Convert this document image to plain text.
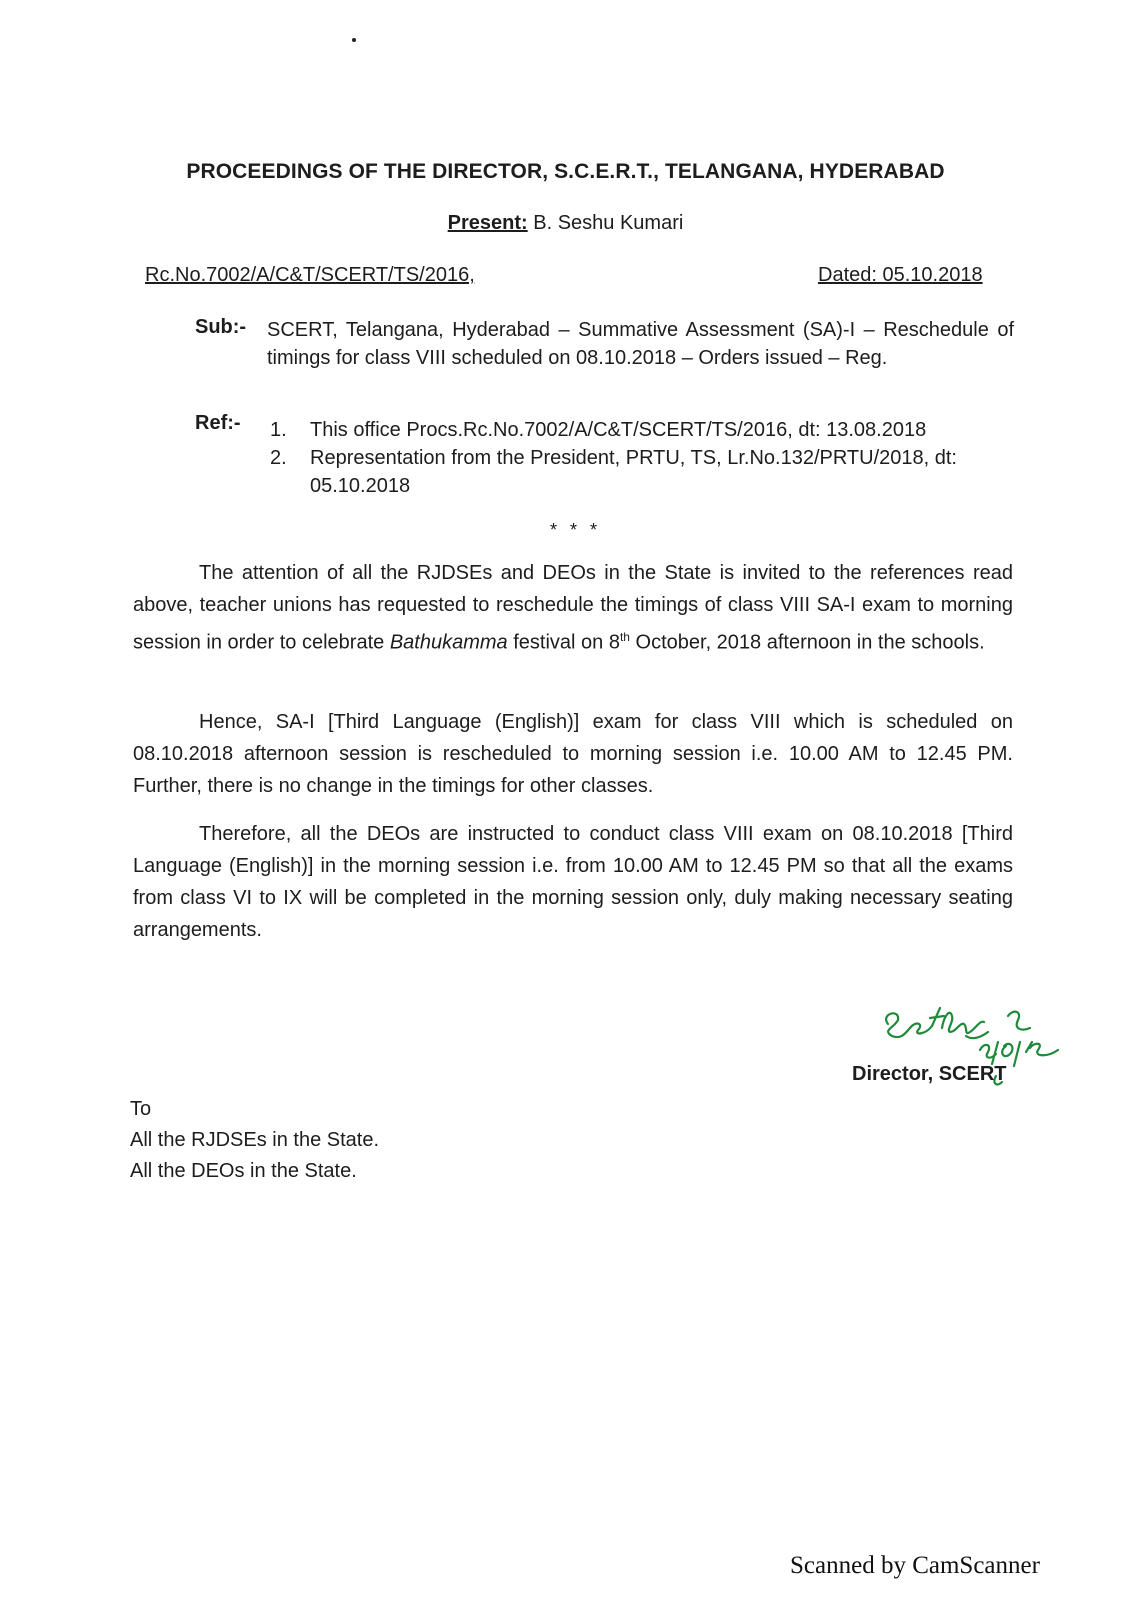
PROCEEDINGS OF THE DIRECTOR, S.C.E.R.T., TELANGANA, HYDERABAD
Present: B. Seshu Kumari
Rc.No.7002/A/C&T/SCERT/TS/2016,	Dated: 05.10.2018
Sub:- SCERT, Telangana, Hyderabad – Summative Assessment (SA)-I – Reschedule of timings for class VIII scheduled on 08.10.2018 – Orders issued – Reg.
Ref:- 1.	This office Procs.Rc.No.7002/A/C&T/SCERT/TS/2016, dt: 13.08.2018
2.	Representation from the President, PRTU, TS, Lr.No.132/PRTU/2018, dt: 05.10.2018
* * *

The attention of all the RJDSEs and DEOs in the State is invited to the references read above, teacher unions has requested to reschedule the timings of class VIII SA-I exam to morning session in order to celebrate Bathukamma festival on 8th October, 2018 afternoon in the schools.

Hence, SA-I [Third Language (English)] exam for class VIII which is scheduled on 08.10.2018 afternoon session is rescheduled to morning session i.e. 10.00 AM to 12.45 PM. Further, there is no change in the timings for other classes.

Therefore, all the DEOs are instructed to conduct class VIII exam on 08.10.2018 [Third Language (English)] in the morning session i.e. from 10.00 AM to 12.45 PM so that all the exams from class VI to IX will be completed in the morning session only, duly making necessary seating arrangements.

Director, SCERT
To
All the RJDSEs in the State.
All the DEOs in the State.
Scanned by CamScanner
